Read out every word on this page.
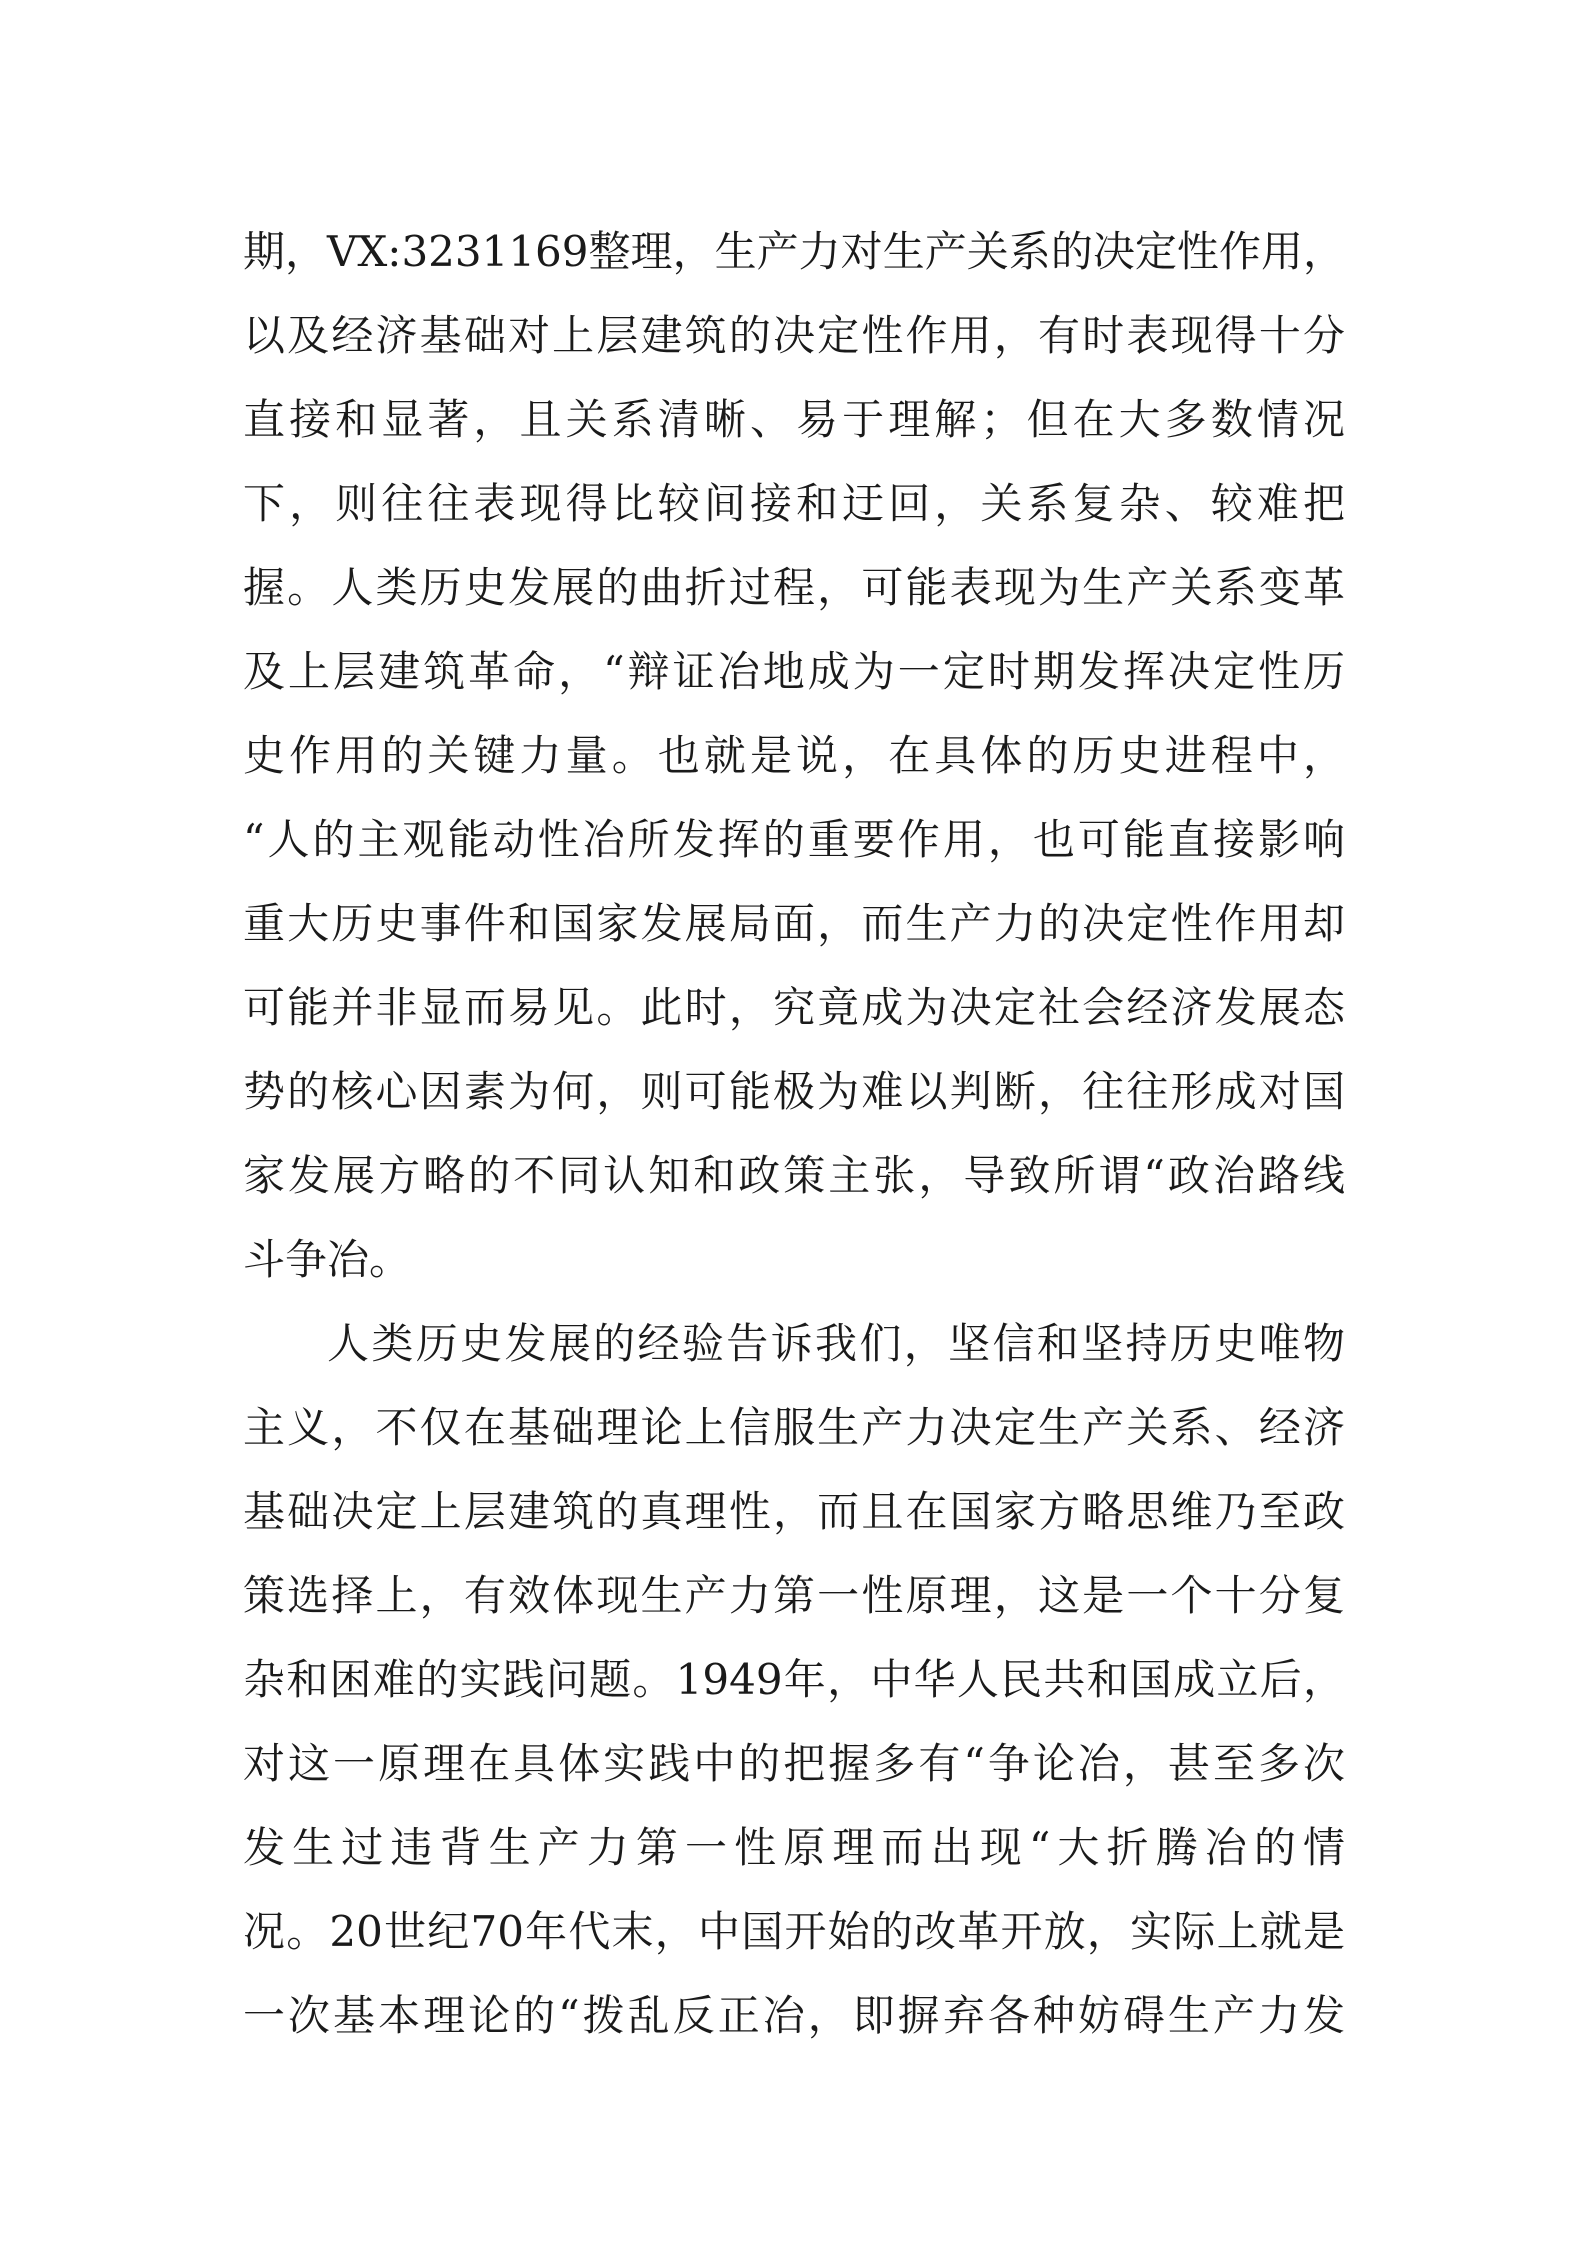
期，VX:3231169整理，生产力对生产关系的决定性作用，
以及经济基础对上层建筑的决定性作用，有时表现得十分
直接和显著，且关系清晰、易于理解；但在大多数情况
下，则往往表现得比较间接和迂回，关系复杂、较难把
握。人类历史发展的曲折过程，可能表现为生产关系变革
及上层建筑革命，“辩证冶地成为一定时期发挥决定性历
史作用的关键力量。也就是说，在具体的历史进程中，
“人的主观能动性冶所发挥的重要作用，也可能直接影响
重大历史事件和国家发展局面，而生产力的决定性作用却
可能并非显而易见。此时，究竟成为决定社会经济发展态
势的核心因素为何，则可能极为难以判断，往往形成对国
家发展方略的不同认知和政策主张，导致所谓“政治路线
斗争冶。
人类历史发展的经验告诉我们，坚信和坚持历史唯物
主义，不仅在基础理论上信服生产力决定生产关系、经济
基础决定上层建筑的真理性，而且在国家方略思维乃至政
策选择上，有效体现生产力第一性原理，这是一个十分复
杂和困难的实践问题。1949年，中华人民共和国成立后，
对这一原理在具体实践中的把握多有“争论冶，甚至多次
发生过违背生产力第一性原理而出现“大折腾冶的情
况。20世纪70年代末，中国开始的改革开放，实际上就是
一次基本理论的“拨乱反正冶，即摒弃各种妨碍生产力发
